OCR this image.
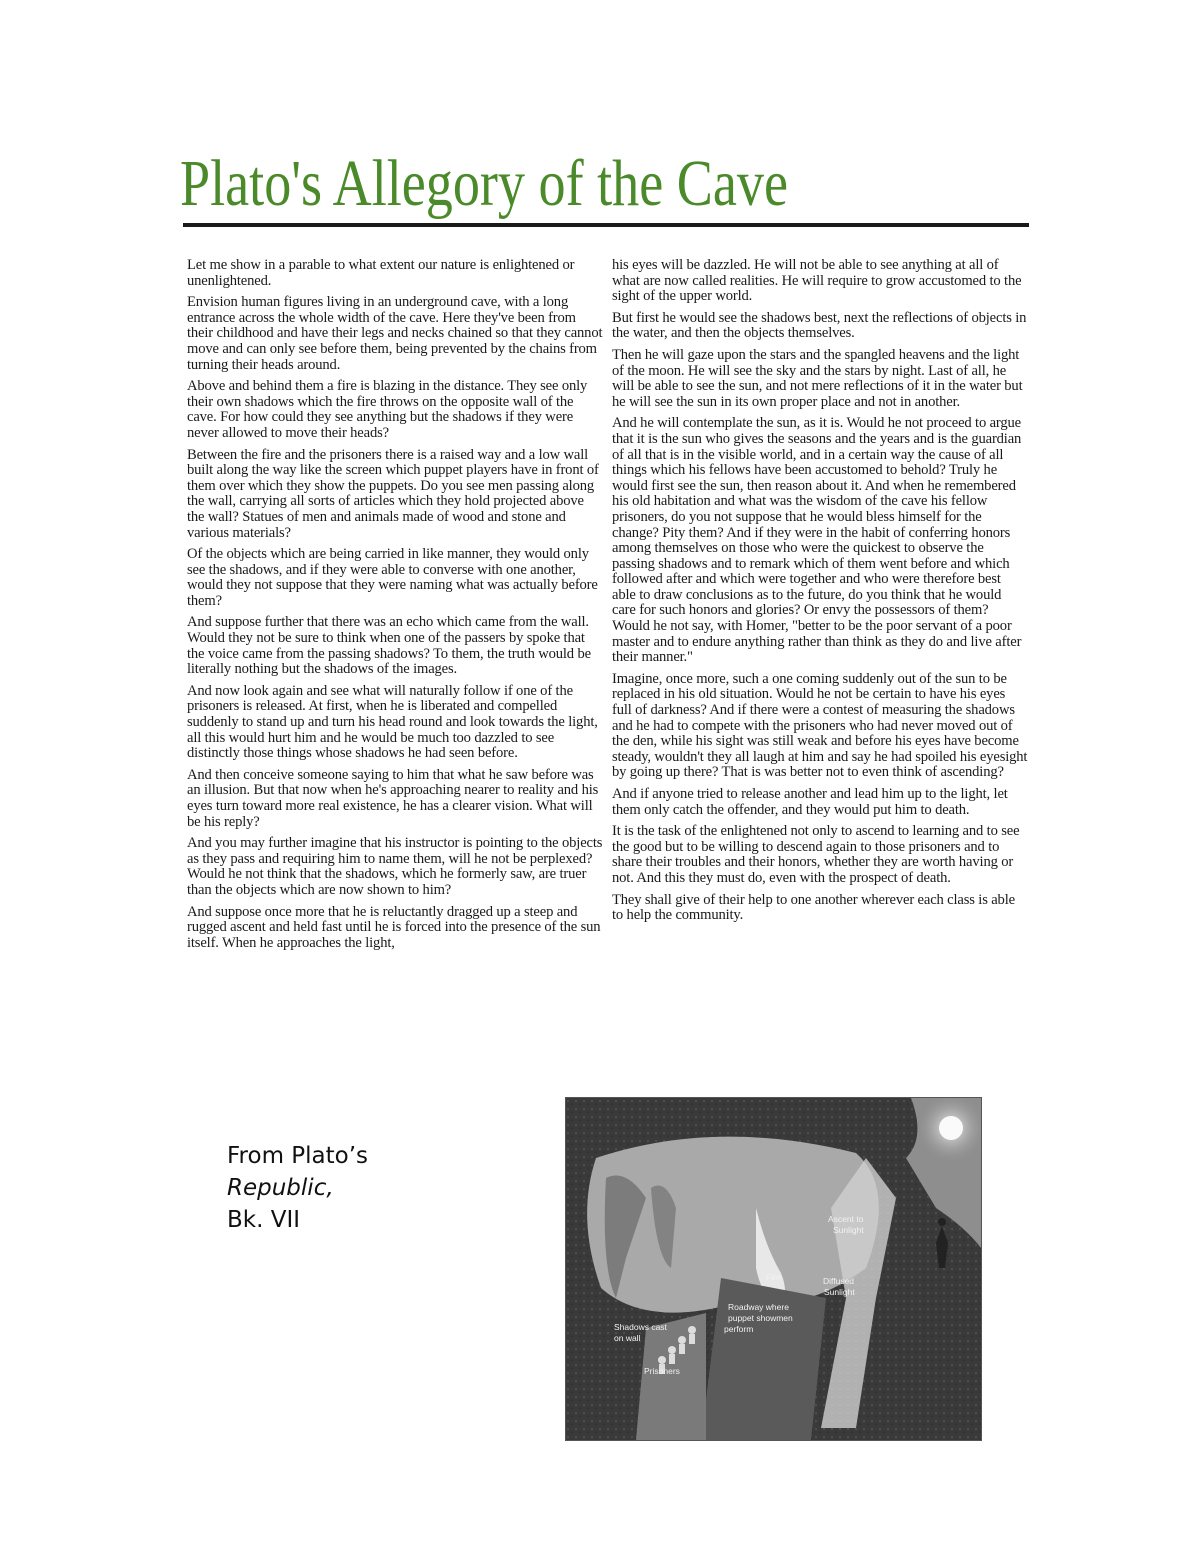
Plato's Allegory of the Cave

Let me show in a parable to what extent our nature is enlightened or unenlightened.

Envision human figures living in an underground cave, with a long entrance across the whole width of the cave. Here they've been from their childhood and have their legs and necks chained so that they cannot move and can only see before them, being prevented by the chains from turning their heads around.

Above and behind them a fire is blazing in the distance. They see only their own shadows which the fire throws on the opposite wall of the cave. For how could they see anything but the shadows if they were never allowed to move their heads?

Between the fire and the prisoners there is a raised way and a low wall built along the way like the screen which puppet players have in front of them over which they show the puppets. Do you see men passing along the wall, carrying all sorts of articles which they hold projected above the wall? Statues of men and animals made of wood and stone and various materials?

Of the objects which are being carried in like manner, they would only see the shadows, and if they were able to converse with one another, would they not suppose that they were naming what was actually before them?

And suppose further that there was an echo which came from the wall. Would they not be sure to think when one of the passers by spoke that the voice came from the passing shadows? To them, the truth would be literally nothing but the shadows of the images.

And now look again and see what will naturally follow if one of the prisoners is released. At first, when he is liberated and compelled suddenly to stand up and turn his head round and look towards the light, all this would hurt him and he would be much too dazzled to see distinctly those things whose shadows he had seen before.

And then conceive someone saying to him that what he saw before was an illusion. But that now when he's approaching nearer to reality and his eyes turn toward more real existence, he has a clearer vision. What will be his reply?

And you may further imagine that his instructor is pointing to the objects as they pass and requiring him to name them, will he not be perplexed? Would he not think that the shadows, which he formerly saw, are truer than the objects which are now shown to him?

And suppose once more that he is reluctantly dragged up a steep and rugged ascent and held fast until he is forced into the presence of the sun itself. When he approaches the light,

his eyes will be dazzled. He will not be able to see anything at all of what are now called realities. He will require to grow accustomed to the sight of the upper world.

But first he would see the shadows best, next the reflections of objects in the water, and then the objects themselves.

Then he will gaze upon the stars and the spangled heavens and the light of the moon. He will see the sky and the stars by night. Last of all, he will be able to see the sun, and not mere reflections of it in the water but he will see the sun in its own proper place and not in another.

And he will contemplate the sun, as it is. Would he not proceed to argue that it is the sun who gives the seasons and the years and is the guardian of all that is in the visible world, and in a certain way the cause of all things which his fellows have been accustomed to behold? Truly he would first see the sun, then reason about it. And when he remembered his old habitation and what was the wisdom of the cave his fellow prisoners, do you not suppose that he would bless himself for the change? Pity them? And if they were in the habit of conferring honors among themselves on those who were the quickest to observe the passing shadows and to remark which of them went before and which followed after and which were together and who were therefore best able to draw conclusions as to the future, do you think that he would care for such honors and glories? Or envy the possessors of them? Would he not say, with Homer, "better to be the poor servant of a poor master and to endure anything rather than think as they do and live after their manner."

Imagine, once more, such a one coming suddenly out of the sun to be replaced in his old situation. Would he not be certain to have his eyes full of darkness? And if there were a contest of measuring the shadows and he had to compete with the prisoners who had never moved out of the den, while his sight was still weak and before his eyes have become steady, wouldn't they all laugh at him and say he had spoiled his eyesight by going up there? That is was better not to even think of ascending?

And if anyone tried to release another and lead him up to the light, let them only catch the offender, and they would put him to death.

It is the task of the enlightened not only to ascend to learning and to see the good but to be willing to descend again to those prisoners and to share their troubles and their honors, whether they are worth having or not. And this they must do, even with the prospect of death.

They shall give of their help to one another wherever each class is able to help the community.

From Plato’s
Republic,
Bk. VII	Ascent to
Sunlight
Fire	Diffused
Sunlight
Roadway where
puppet showmen
perform
Shadows cast
on wall
Prisoners
